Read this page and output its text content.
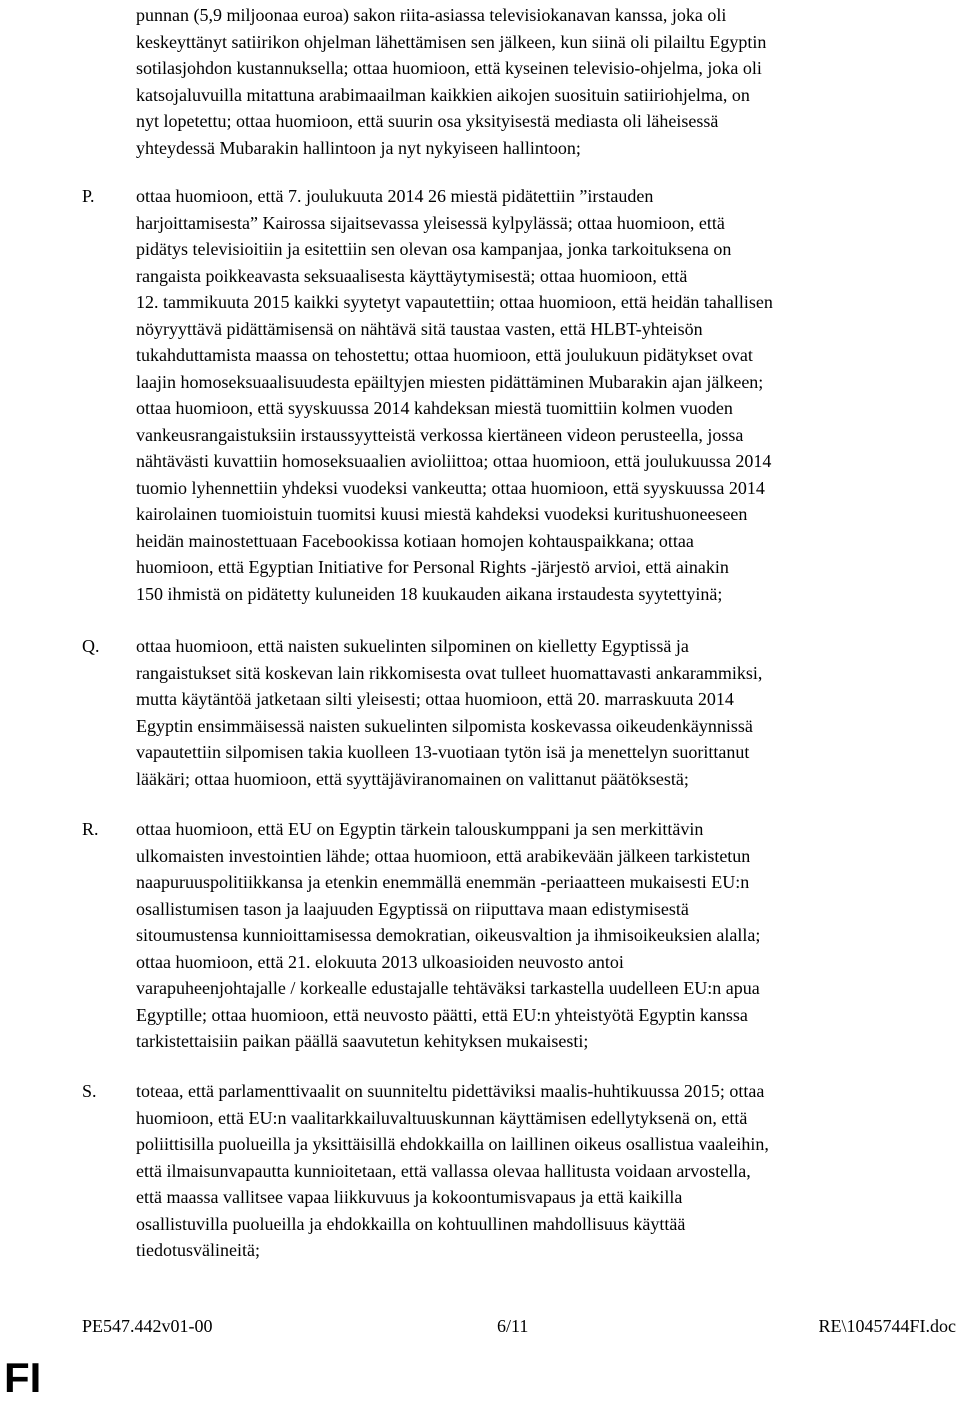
punnan (5,9 miljoonaa euroa) sakon riita-asiassa televisiokanavan kanssa, joka oli
keskeyttänyt satiirikon ohjelman lähettämisen sen jälkeen, kun siinä oli pilailtu Egyptin
sotilasjohdon kustannuksella; ottaa huomioon, että kyseinen televisio-ohjelma, joka oli
katsojaluvuilla mitattuna arabimaailman kaikkien aikojen suosituin satiiriohjelma, on
nyt lopetettu; ottaa huomioon, että suurin osa yksityisestä mediasta oli läheisessä
yhteydessä Mubarakin hallintoon ja nyt nykyiseen hallintoon;
P. ottaa huomioon, että 7. joulukuuta 2014 26 miestä pidätettiin ”irstauden
harjoittamisesta” Kairossa sijaitsevassa yleisessä kylpylässä; ottaa huomioon, että
pidätys televisioitiin ja esitettiin sen olevan osa kampanjaa, jonka tarkoituksena on
rangaista poikkeavasta seksuaalisesta käyttäytymisestä; ottaa huomioon, että
12. tammikuuta 2015 kaikki syytetyt vapautettiin; ottaa huomioon, että heidän tahallisen
nöyryyttävä pidättämisensä on nähtävä sitä taustaa vasten, että HLBT-yhteisön
tukahduttamista maassa on tehostettu; ottaa huomioon, että joulukuun pidätykset ovat
laajin homoseksuaalisuudesta epäiltyjen miesten pidättäminen Mubarakin ajan jälkeen;
ottaa huomioon, että syyskuussa 2014 kahdeksan miestä tuomittiin kolmen vuoden
vankeusrangaistuksiin irstaussyytteistä verkossa kiertäneen videon perusteella, jossa
nähtävästi kuvattiin homoseksuaalien avioliittoa; ottaa huomioon, että joulukuussa 2014
tuomio lyhennettiin yhdeksi vuodeksi vankeutta; ottaa huomioon, että syyskuussa 2014
kairolainen tuomioistuin tuomitsi kuusi miestä kahdeksi vuodeksi kuritushuoneeseen
heidän mainostettuaan Facebookissa kotiaan homojen kohtauspaikkana; ottaa
huomioon, että Egyptian Initiative for Personal Rights -järjestö arvioi, että ainakin
150 ihmistä on pidätetty kuluneiden 18 kuukauden aikana irstaudesta syytettyinä;
Q. ottaa huomioon, että naisten sukuelinten silpominen on kielletty Egyptissä ja
rangaistukset sitä koskevan lain rikkomisesta ovat tulleet huomattavasti ankarammiksi,
mutta käytäntöä jatketaan silti yleisesti; ottaa huomioon, että 20. marraskuuta 2014
Egyptin ensimmäisessä naisten sukuelinten silpomista koskevassa oikeudenkäynnissä
vapautettiin silpomisen takia kuolleen 13-vuotiaan tytön isä ja menettelyn suorittanut
lääkäri; ottaa huomioon, että syyttäjäviranomainen on valittanut päätöksestä;
R. ottaa huomioon, että EU on Egyptin tärkein talouskumppani ja sen merkittävin
ulkomaisten investointien lähde; ottaa huomioon, että arabikevään jälkeen tarkistetun
naapuruuspolitiikkansa ja etenkin enemmällä enemmän -periaatteen mukaisesti EU:n
osallistumisen tason ja laajuuden Egyptissä on riiputtava maan edistymisestä
sitoumustensa kunnioittamisessa demokratian, oikeusvaltion ja ihmisoikeuksien alalla;
ottaa huomioon, että 21. elokuuta 2013 ulkoasioiden neuvosto antoi
varapuheenjohtajalle / korkealle edustajalle tehtäväksi tarkastella uudelleen EU:n apua
Egyptille; ottaa huomioon, että neuvosto päätti, että EU:n yhteistyötä Egyptin kanssa
tarkistettaisiin paikan päällä saavutetun kehityksen mukaisesti;
S. toteaa, että parlamenttivaalit on suunniteltu pidettäviksi maalis-huhtikuussa 2015; ottaa
huomioon, että EU:n vaalitarkkailuvaltuuskunnan käyttämisen edellytyksenä on, että
poliittisilla puolueilla ja yksittäisillä ehdokkailla on laillinen oikeus osallistua vaaleihin,
että ilmaisunvapautta kunnioitetaan, että vallassa olevaa hallitusta voidaan arvostella,
että maassa vallitsee vapaa liikkuvuus ja kokoontumisvapaus ja että kaikilla
osallistuvilla puolueilla ja ehdokkailla on kohtuullinen mahdollisuus käyttää
tiedotusvälineitä;
PE547.442v01-00	6/11	RE\1045744FI.doc
FI
